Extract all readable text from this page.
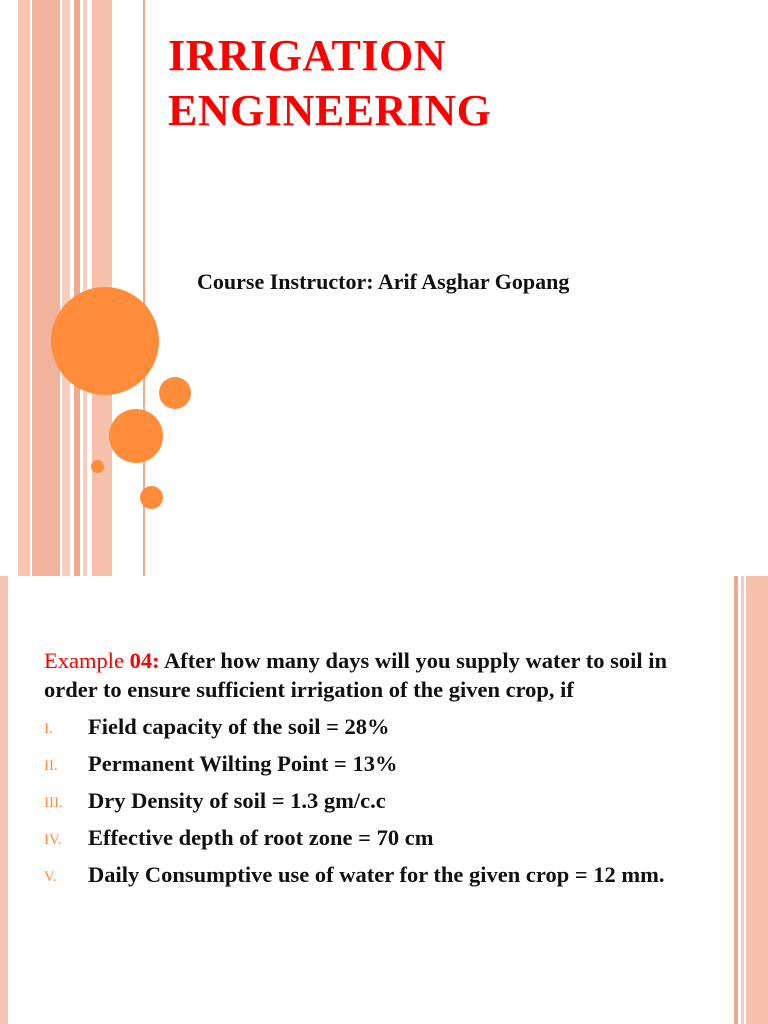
IRRIGATION
ENGINEERING

Course Instructor: Arif Asghar Gopang

Example 04: After how many days will you supply water to soil in order to ensure sufficient irrigation of the given crop, if
I. Field capacity of the soil = 28%
II. Permanent Wilting Point = 13%
III. Dry Density of soil = 1.3 gm/c.c
IV. Effective depth of root zone = 70 cm
V. Daily Consumptive use of water for the given crop = 12 mm.
